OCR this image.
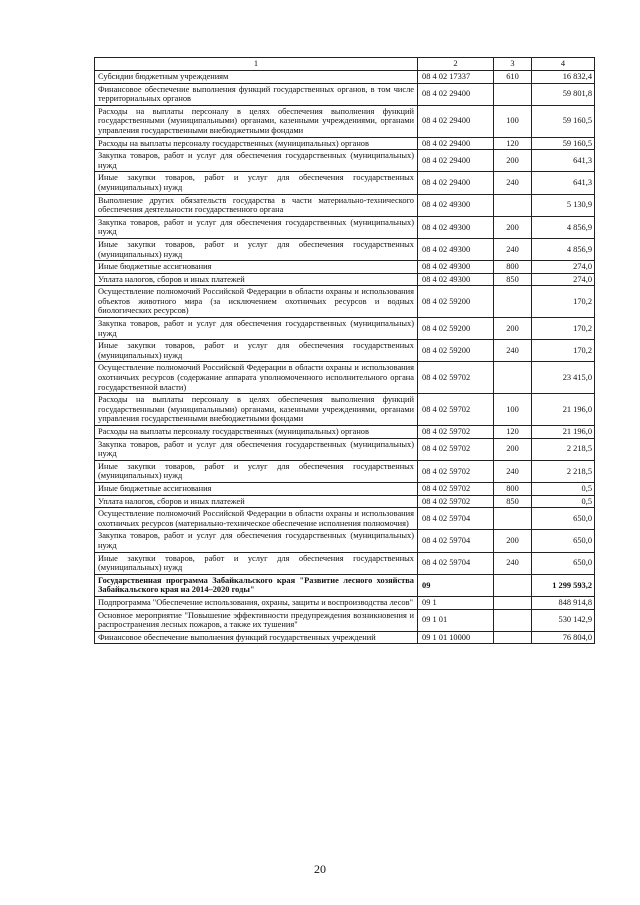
1	2	3	4
Субсидии бюджетным учреждениям	08 4 02 17337	610	16 832,4
Финансовое обеспечение выполнения функций государственных органов, в том числе территориальных органов	08 4 02 29400		59 801,8
Расходы на выплаты персоналу в целях обеспечения выполнения функций государственными (муниципальными) органами, казенными учреждениями, органами управления государственными внебюджетными фондами	08 4 02 29400	100	59 160,5
Расходы на выплаты персоналу государственных (муниципальных) органов	08 4 02 29400	120	59 160,5
Закупка товаров, работ и услуг для обеспечения государственных (муниципальных) нужд	08 4 02 29400	200	641,3
Иные закупки товаров, работ и услуг для обеспечения государственных (муниципальных) нужд	08 4 02 29400	240	641,3
Выполнение других обязательств государства в части материально-технического обеспечения деятельности государственного органа	08 4 02 49300		5 130,9
Закупка товаров, работ и услуг для обеспечения государственных (муниципальных) нужд	08 4 02 49300	200	4 856,9
Иные закупки товаров, работ и услуг для обеспечения государственных (муниципальных) нужд	08 4 02 49300	240	4 856,9
Иные бюджетные ассигнования	08 4 02 49300	800	274,0
Уплата налогов, сборов и иных платежей	08 4 02 49300	850	274,0
Осуществление полномочий Российской Федерации в области охраны и использования объектов животного мира (за исключением охотничьих ресурсов и водных биологических ресурсов)	08 4 02 59200		170,2
Закупка товаров, работ и услуг для обеспечения государственных (муниципальных) нужд	08 4 02 59200	200	170,2
Иные закупки товаров, работ и услуг для обеспечения государственных (муниципальных) нужд	08 4 02 59200	240	170,2
Осуществление полномочий Российской Федерации в области охраны и использования охотничьих ресурсов (содержание аппарата уполномоченного исполнительного органа государственной власти)	08 4 02 59702		23 415,0
Расходы на выплаты персоналу в целях обеспечения выполнения функций государственными (муниципальными) органами, казенными учреждениями, органами управления государственными внебюджетными фондами	08 4 02 59702	100	21 196,0
Расходы на выплаты персоналу государственных (муниципальных) органов	08 4 02 59702	120	21 196,0
Закупка товаров, работ и услуг для обеспечения государственных (муниципальных) нужд	08 4 02 59702	200	2 218,5
Иные закупки товаров, работ и услуг для обеспечения государственных (муниципальных) нужд	08 4 02 59702	240	2 218,5
Иные бюджетные ассигнования	08 4 02 59702	800	0,5
Уплата налогов, сборов и иных платежей	08 4 02 59702	850	0,5
Осуществление полномочий Российской Федерации в области охраны и использования охотничьих ресурсов (материально-техническое обеспечение исполнения полномочия)	08 4 02 59704		650,0
Закупка товаров, работ и услуг для обеспечения государственных (муниципальных) нужд	08 4 02 59704	200	650,0
Иные закупки товаров, работ и услуг для обеспечения государственных (муниципальных) нужд	08 4 02 59704	240	650,0
Государственная программа Забайкальского края "Развитие лесного хозяйства Забайкальского края на 2014–2020 годы"	09		1 299 593,2
Подпрограмма "Обеспечение использования, охраны, защиты и воспроизводства лесов"	09 1		848 914,8
Основное мероприятие "Повышение эффективности предупреждения возникновения и распространения лесных пожаров, а также их тушения"	09 1 01		530 142,9
Финансовое обеспечение выполнения функций государственных учреждений	09 1 01 10000		76 804,0
20
